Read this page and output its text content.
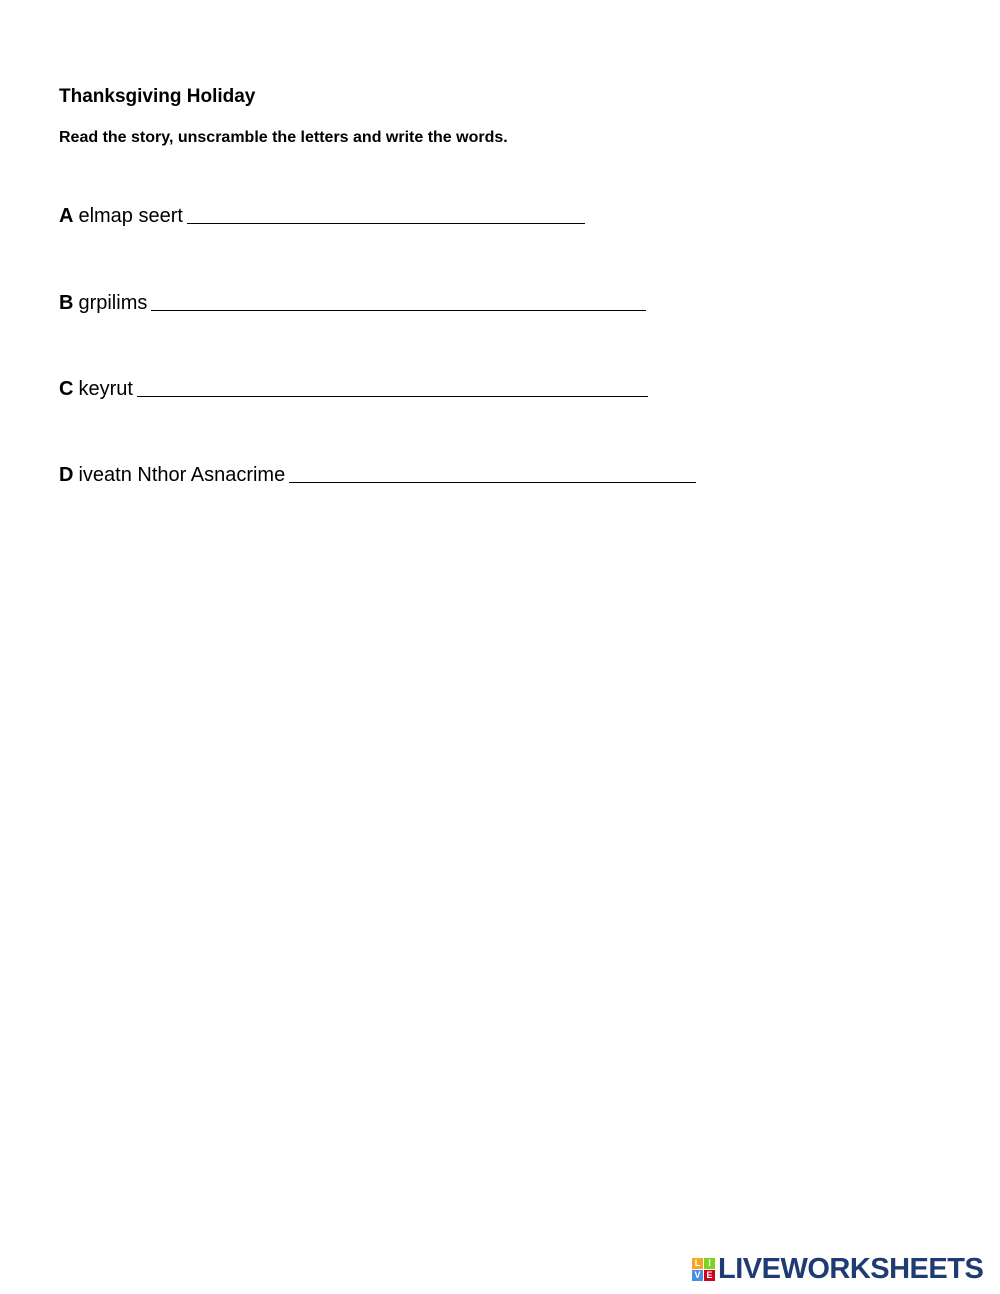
Thanksgiving Holiday
Read the story, unscramble the letters and write the words.
A elmap seert
B grpilims
C keyrut
D iveatn Nthor Asnacrime
L I
V E LIVEWORKSHEETS
